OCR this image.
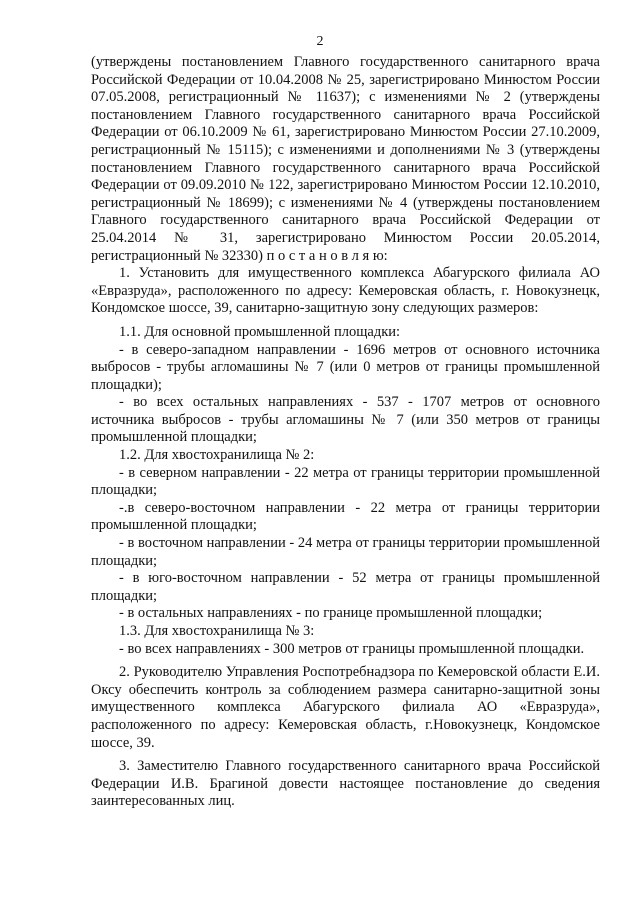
2

(утверждены постановлением Главного государственного санитарного врача Российской Федерации от 10.04.2008 № 25, зарегистрировано Минюстом России 07.05.2008, регистрационный № 11637); с изменениями № 2 (утверждены постановлением Главного государственного санитарного врача Российской Федерации от 06.10.2009 № 61, зарегистрировано Минюстом России 27.10.2009, регистрационный № 15115); с изменениями и дополнениями № 3 (утверждены постановлением Главного государственного санитарного врача Российской Федерации от 09.09.2010 № 122, зарегистрировано Минюстом России 12.10.2010, регистрационный № 18699); с изменениями № 4 (утверждены постановлением Главного государственного санитарного врача Российской Федерации от 25.04.2014 № 31, зарегистрировано Минюстом России 20.05.2014, регистрационный № 32330) п о с т а н о в л я ю:

1. Установить для имущественного комплекса Абагурского филиала АО «Евразруда», расположенного по адресу: Кемеровская область, г. Новокузнецк, Кондомское шоссе, 39, санитарно-защитную зону следующих размеров:

1.1. Для основной промышленной площадки:

- в северо-западном направлении - 1696 метров от основного источника выбросов - трубы агломашины № 7 (или 0 метров от границы промышленной площадки);

- во всех остальных направлениях - 537 - 1707 метров от основного источника выбросов - трубы агломашины № 7 (или 350 метров от границы промышленной площадки;

1.2. Для хвостохранилища № 2:

- в северном направлении - 22 метра от границы территории промышленной площадки;

-.в северо-восточном направлении - 22 метра от границы территории промышленной площадки;

- в восточном направлении - 24 метра от границы территории промышленной площадки;

- в юго-восточном направлении - 52 метра от границы промышленной площадки;

- в остальных направлениях - по границе промышленной площадки;

1.3. Для хвостохранилища № 3:

- во всех направлениях - 300 метров от границы промышленной площадки.

2. Руководителю Управления Роспотребнадзора по Кемеровской области Е.И. Оксу обеспечить контроль за соблюдением размера санитарно-защитной зоны имущественного комплекса Абагурского филиала АО «Евразруда», расположенного по адресу: Кемеровская область, г.Новокузнецк, Кондомское шоссе, 39.

3. Заместителю Главного государственного санитарного врача Российской Федерации И.В. Брагиной довести настоящее постановление до сведения заинтересованных лиц.
